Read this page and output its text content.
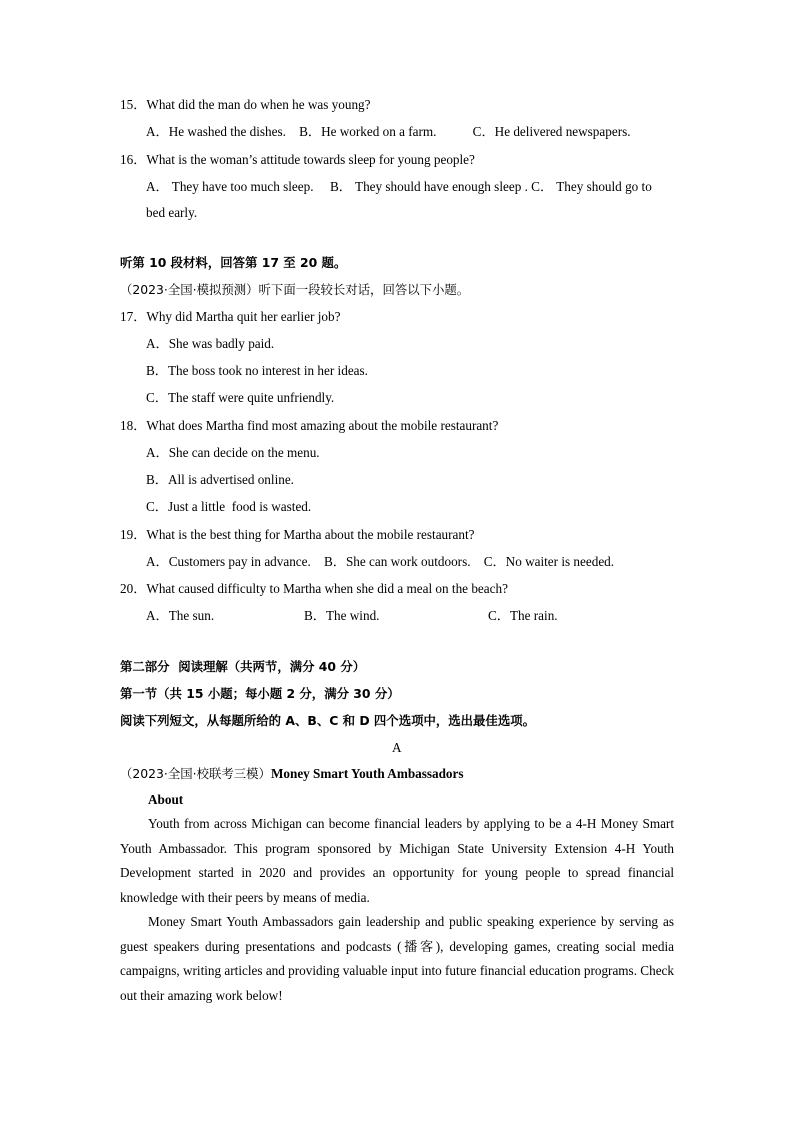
15．What did the man do when he was young?
A．He washed the dishes.    B．He worked on a farm.           C．He delivered newspapers.
16．What is the woman’s attitude towards sleep for young people?
A． They have too much sleep.     B． They should have enough sleep . C． They should go to
bed early.
听第 10 段材料，回答第 17 至 20 题。
（2023·全国·模拟预测）听下面一段较长对话，回答以下小题。
17．Why did Martha quit her earlier job?
A．She was badly paid.
B．The boss took no interest in her ideas.
C．The staff were quite unfriendly.
18．What does Martha find most amazing about the mobile restaurant?
A．She can decide on the menu.
B．All is advertised online.
C．Just a little  food is wasted.
19．What is the best thing for Martha about the mobile restaurant?
A．Customers pay in advance.    B．She can work outdoors.    C．No waiter is needed.
20．What caused difficulty to Martha when she did a meal on the beach?
A．The sun.	B．The wind.	C．The rain.
第二部分  阅读理解（共两节，满分 40 分）
第一节（共 15 小题；每小题 2 分，满分 30 分）
阅读下列短文，从每题所给的 A、B、C 和 D 四个选项中，选出最佳选项。
A
（2023·全国·校联考三模）Money Smart Youth Ambassadors
About
Youth from across Michigan can become financial leaders by applying to be a 4-H Money Smart Youth Ambassador. This program sponsored by Michigan State University Extension 4-H Youth Development started in 2020 and provides an opportunity for young people to spread financial knowledge with their peers by means of media.
Money Smart Youth Ambassadors gain leadership and public speaking experience by serving as guest speakers during presentations and podcasts (播客), developing games, creating social media campaigns, writing articles and providing valuable input into future financial education programs. Check out their amazing work below!
